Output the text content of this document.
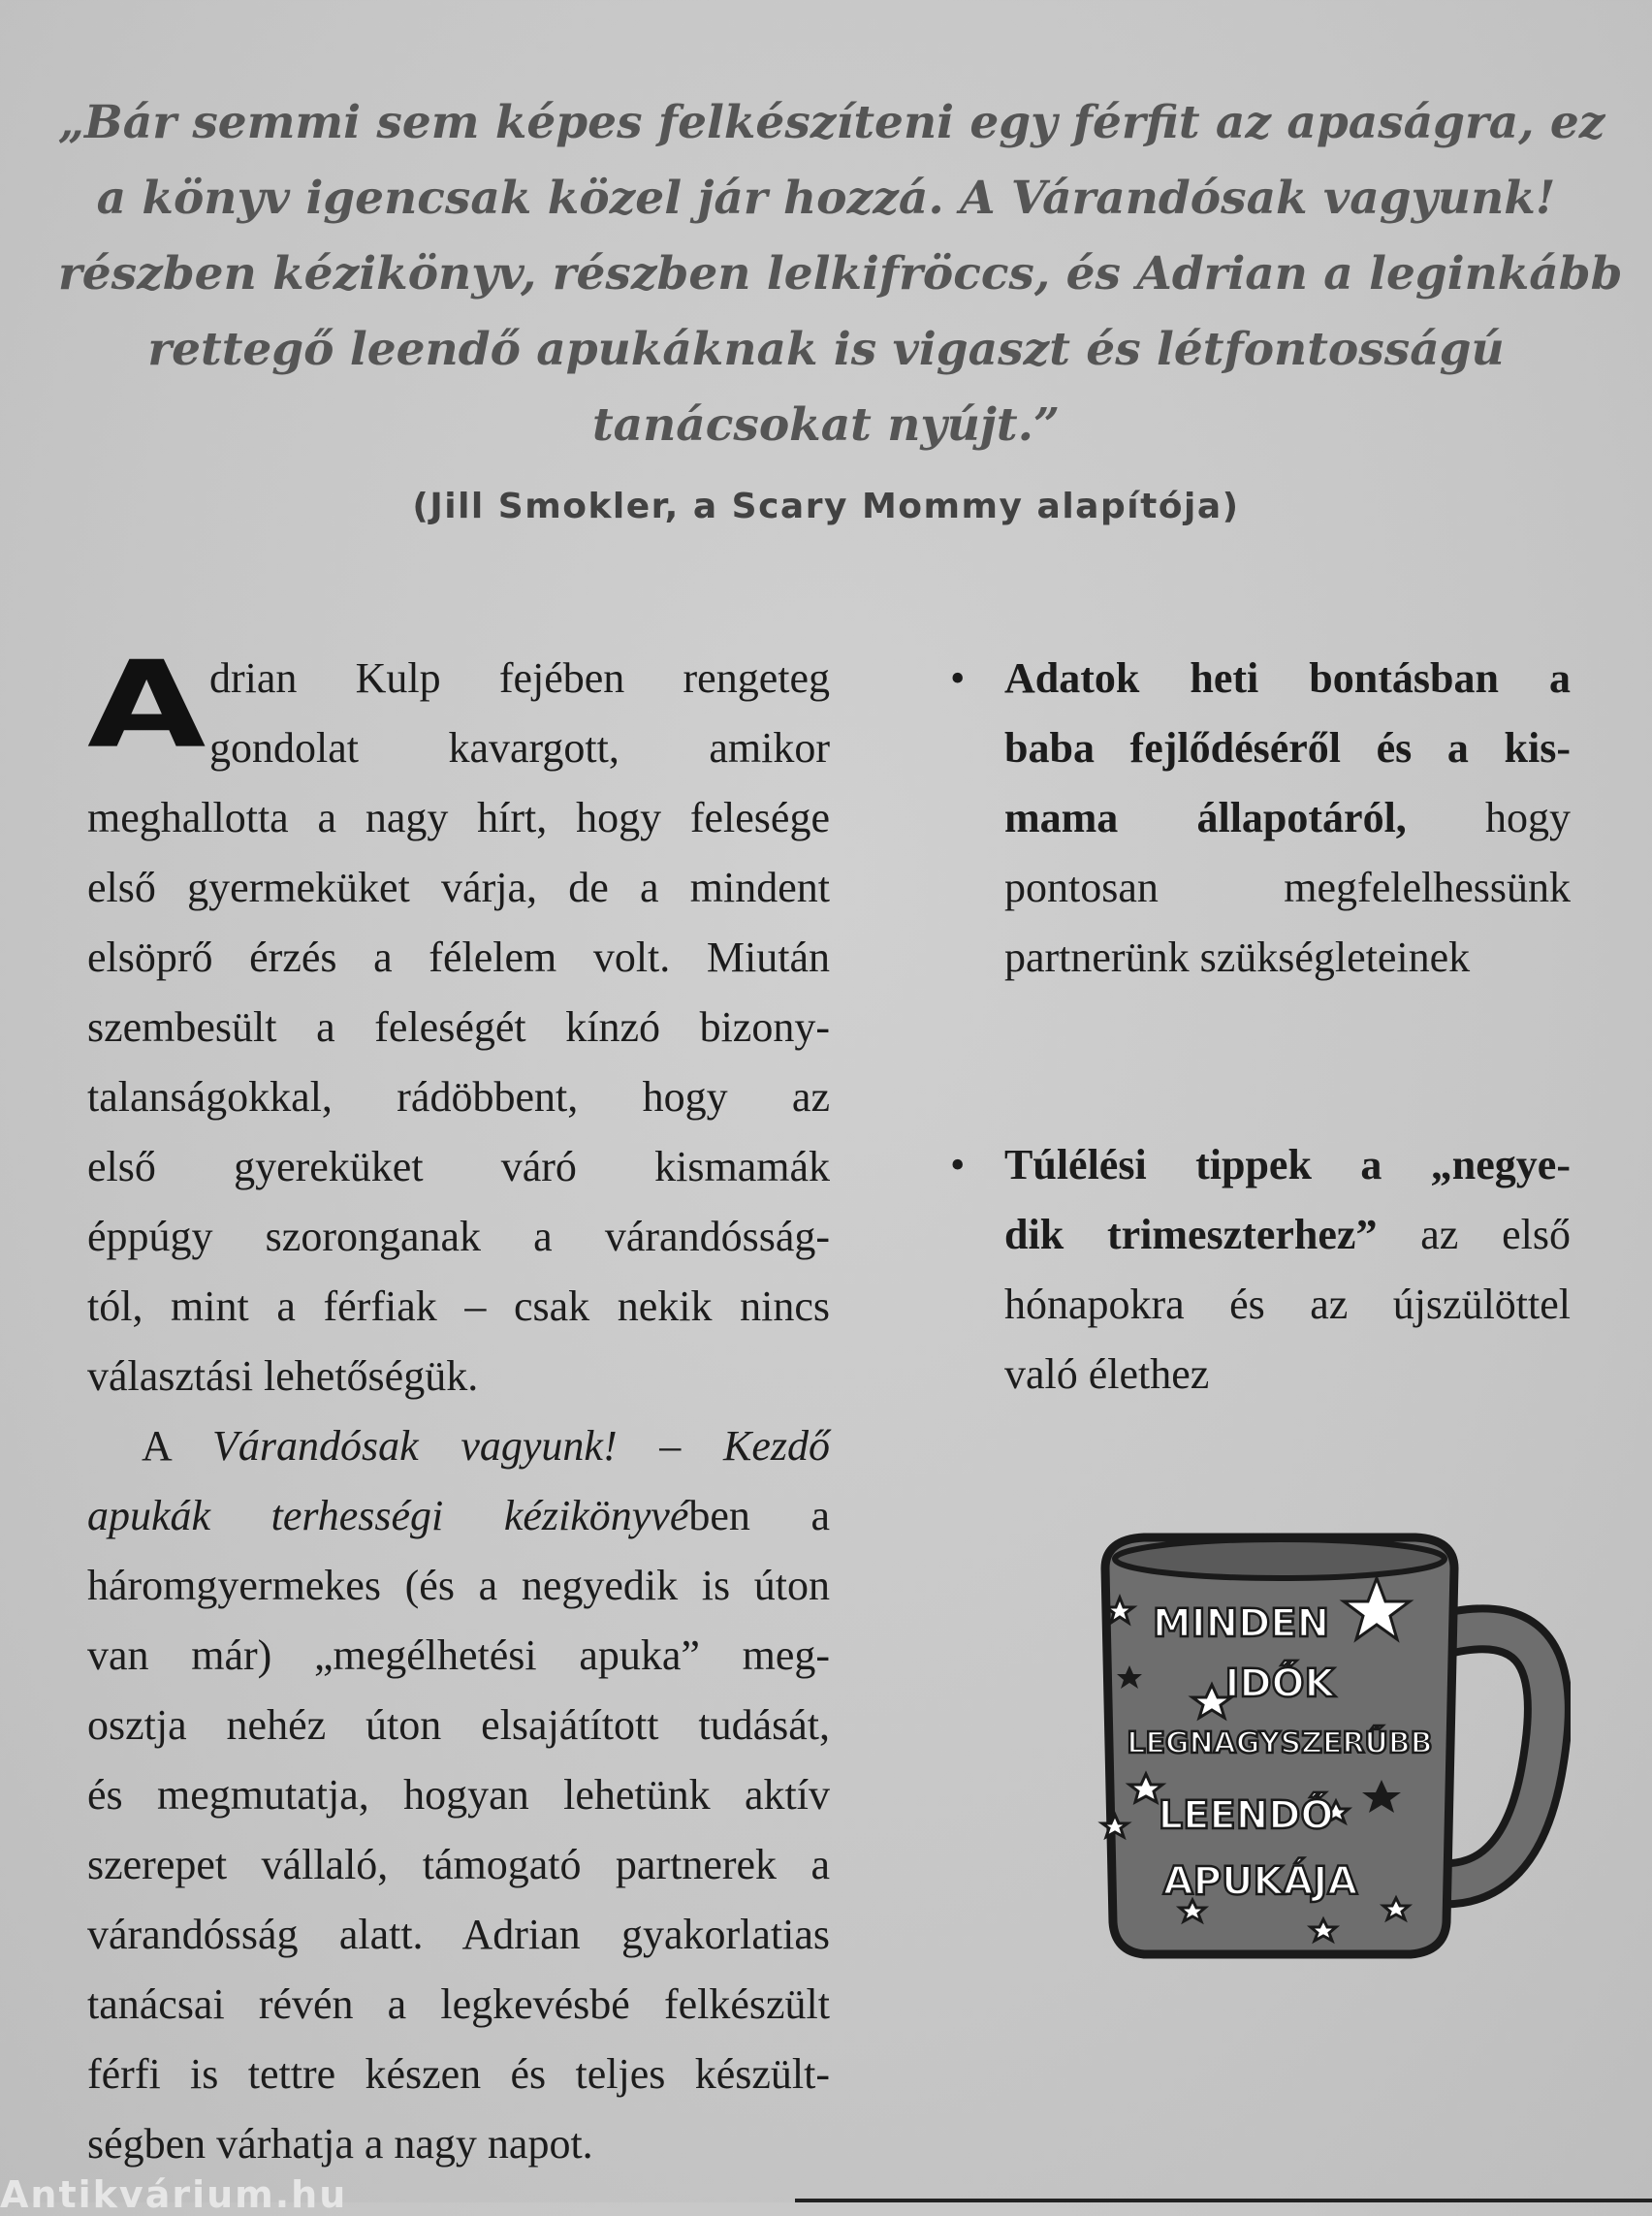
„Bár semmi sem képes felkészíteni egy férfit az apaságra, ez
a könyv igencsak közel jár hozzá. A Várandósak vagyunk!
részben kézikönyv, részben lelkifröccs, és Adrian a leginkább
rettegő leendő apukáknak is vigaszt és létfontosságú
tanácsokat nyújt.”
(Jill Smokler, a Scary Mommy alapítója)
A drian Kulp fejében rengeteg
gondolat kavargott, amikor
meghallotta a nagy hírt, hogy felesége
első gyermeküket várja, de a mindent
elsöprő érzés a félelem volt. Miután
szembesült a feleségét kínzó bizony-
talanságokkal, rádöbbent, hogy az
első gyereküket váró kismamák
éppúgy szoronganak a várandósság-
tól, mint a férfiak – csak nekik nincs
választási lehetőségük.
A Várandósak vagyunk! – Kezdő
apukák terhességi kézikönyvében a
háromgyermekes (és a negyedik is úton
van már) „megélhetési apuka” meg-
osztja nehéz úton elsajátított tudását,
és megmutatja, hogyan lehetünk aktív
szerepet vállaló, támogató partnerek a
várandósság alatt. Adrian gyakorlatias
tanácsai révén a legkevésbé felkészült
férfi is tettre készen és teljes készült-
ségben várhatja a nagy napot.
• Adatok heti bontásban a
baba fejlődéséről és a kis-
mama állapotáról, hogy
pontosan megfelelhessünk
partnerünk szükségleteinek
• Túlélési tippek a „negye-
dik trimeszterhez” az első
hónapokra és az újszülöttel
való élethez
MINDEN
IDŐK
LEGNAGYSZERŰBB
LEENDŐ
APUKÁJA
Antikvárium.hu
